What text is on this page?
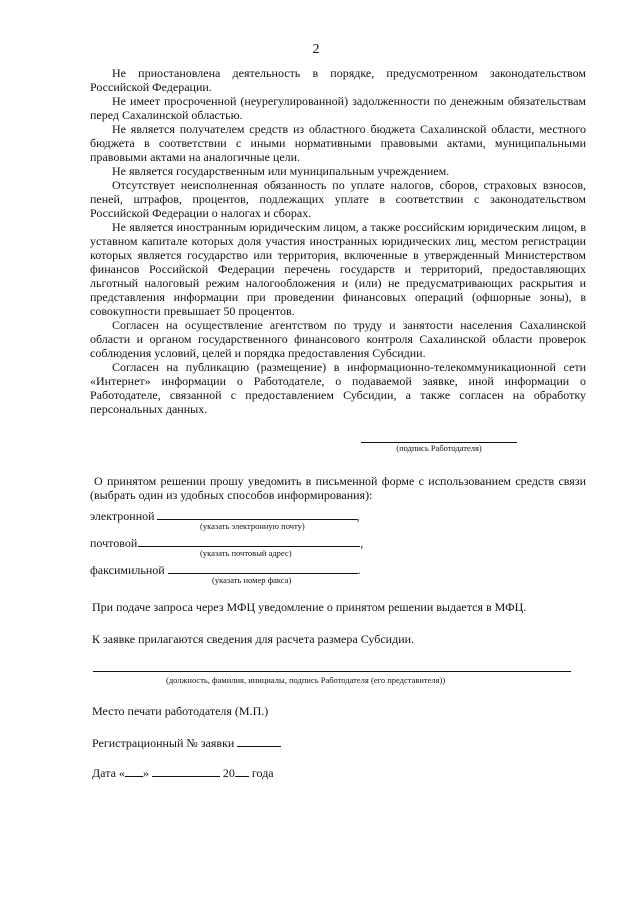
2

Не приостановлена деятельность в порядке, предусмотренном законодательством Российской Федерации.

Не имеет просроченной (неурегулированной) задолженности по денежным обязательствам перед Сахалинской областью.

Не является получателем средств из областного бюджета Сахалинской области, местного бюджета в соответствии с иными нормативными правовыми актами, муниципальными правовыми актами на аналогичные цели.

Не является государственным или муниципальным учреждением.

Отсутствует неисполненная обязанность по уплате налогов, сборов, страховых взносов, пеней, штрафов, процентов, подлежащих уплате в соответствии с законодательством Российской Федерации о налогах и сборах.

Не является иностранным юридическим лицом, а также российским юридическим лицом, в уставном капитале которых доля участия иностранных юридических лиц, местом регистрации которых является государство или территория, включенные в утвержденный Министерством финансов Российской Федерации перечень государств и территорий, предоставляющих льготный налоговый режим налогообложения и (или) не предусматривающих раскрытия и представления информации при проведении финансовых операций (офшорные зоны), в совокупности превышает 50 процентов.

Согласен на осуществление агентством по труду и занятости населения Сахалинской области и органом государственного финансового контроля Сахалинской области проверок соблюдения условий, целей и порядка предоставления Субсидии.

Согласен на публикацию (размещение) в информационно-телекоммуникационной сети «Интернет» информации о Работодателе, о подаваемой заявке, иной информации о Работодателе, связанной с предоставлением Субсидии, а также согласен на обработку персональных данных.

(подпись Работодателя)

О принятом решении прошу уведомить в письменной форме с использованием средств связи (выбрать один из удобных способов информирования):

электронной	,
(указать электронную почту)
почтовой	,
(указать почтовый адрес)
факсимильной	.
(указать номер факса)
При подаче запроса через МФЦ уведомление о принятом решении выдается в МФЦ.
К заявке прилагаются сведения для расчета размера Субсидии.
(должность, фамилия, инициалы, подпись Работодателя (его представителя))
Место печати работодателя (М.П.)
Регистрационный № заявки
Дата « »	20 года
